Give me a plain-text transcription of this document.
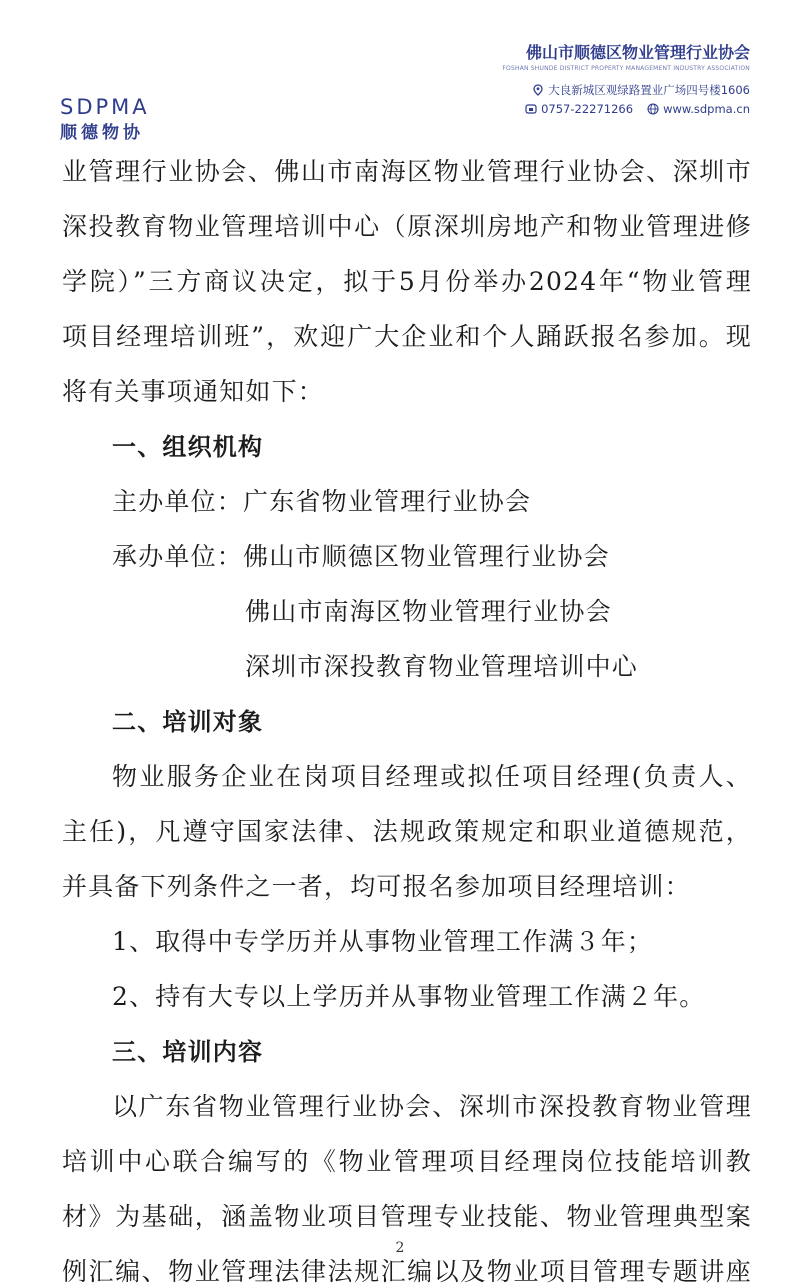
SDPMA
顺德物协
佛山市顺德区物业管理行业协会
FOSHAN SHUNDE DISTRICT PROPERTY MANAGEMENT INDUSTRY ASSOCIATION
大良新城区观绿路置业广场四号楼1606
0757-22271266	www.sdpma.cn
业管理行业协会、佛山市南海区物业管理行业协会、深圳市
深投教育物业管理培训中心（原深圳房地产和物业管理进修
学院）”三方商议决定，拟于5月份举办2024年“物业管理
项目经理培训班”，欢迎广大企业和个人踊跃报名参加。现
将有关事项通知如下：
一、组织机构
主办单位：广东省物业管理行业协会
承办单位：佛山市顺德区物业管理行业协会
佛山市南海区物业管理行业协会
深圳市深投教育物业管理培训中心
二、培训对象
物业服务企业在岗项目经理或拟任项目经理(负责人、
主任)，凡遵守国家法律、法规政策规定和职业道德规范，
并具备下列条件之一者，均可报名参加项目经理培训：
1、取得中专学历并从事物业管理工作满３年；
2、持有大专以上学历并从事物业管理工作满２年。
三、培训内容
以广东省物业管理行业协会、深圳市深投教育物业管理
培训中心联合编写的《物业管理项目经理岗位技能培训教
材》为基础，涵盖物业项目管理专业技能、物业管理典型案
例汇编、物业管理法律法规汇编以及物业项目管理专题讲座
2
